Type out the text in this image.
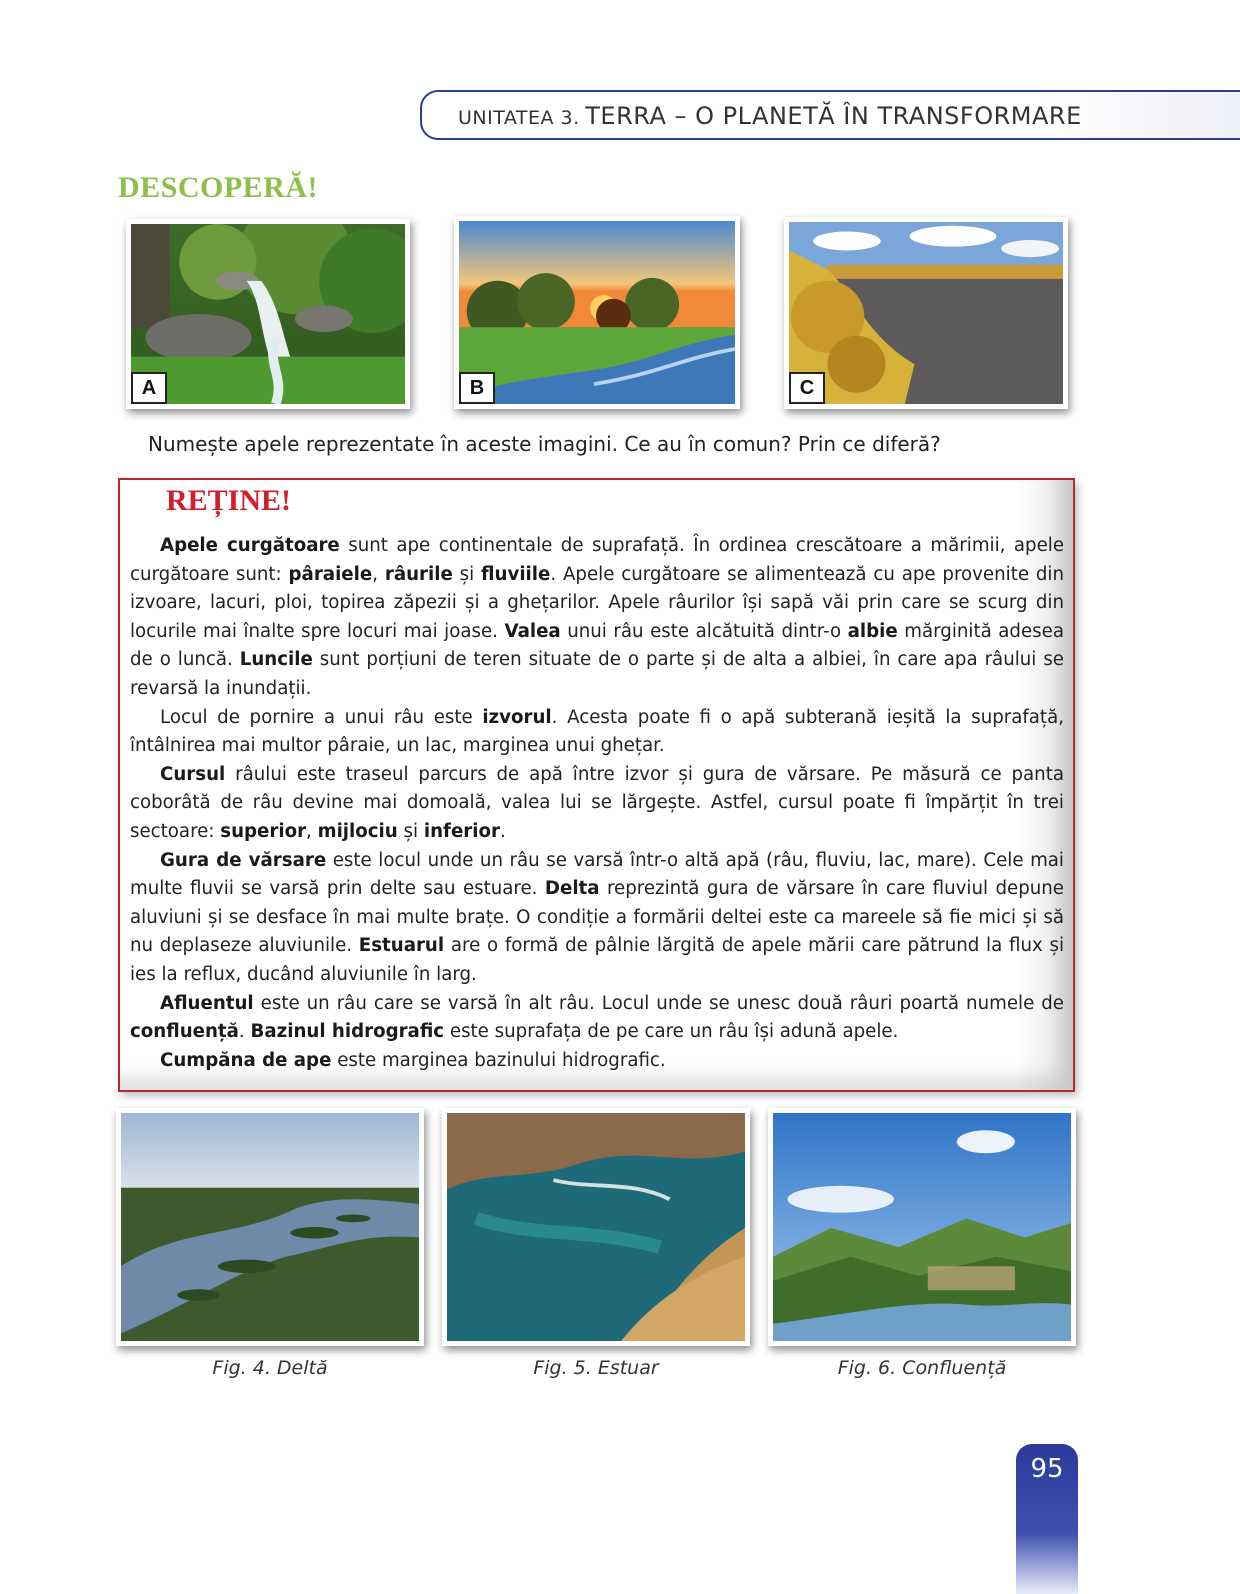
UNITATEA 3. TERRA – O PLANETĂ ÎN TRANSFORMARE
DESCOPERĂ!
A	B	C
Numește apele reprezentate în aceste imagini. Ce au în comun? Prin ce diferă?
REȚINE!

Apele curgătoare sunt ape continentale de suprafață. În ordinea crescătoare a mărimii, apele curgătoare sunt: pâraiele, râurile și fluviile. Apele curgătoare se alimentează cu ape provenite din izvoare, lacuri, ploi, topirea zăpezii și a ghețarilor. Apele râurilor își sapă văi prin care se scurg din locurile mai înalte spre locuri mai joase. Valea unui râu este alcătuită dintr-o albie mărginită adesea de o luncă. Luncile sunt porțiuni de teren situate de o parte și de alta a albiei, în care apa râului se revarsă la inundații.

Locul de pornire a unui râu este izvorul. Acesta poate fi o apă subterană ieșită la suprafață, întâlnirea mai multor pâraie, un lac, marginea unui ghețar.

Cursul râului este traseul parcurs de apă între izvor și gura de vărsare. Pe măsură ce panta coborâtă de râu devine mai domoală, valea lui se lărgește. Astfel, cursul poate fi împărțit în trei sectoare: superior, mijlociu și inferior.

Gura de vărsare este locul unde un râu se varsă într-o altă apă (râu, fluviu, lac, mare). Cele mai multe fluvii se varsă prin delte sau estuare. Delta reprezintă gura de vărsare în care fluviul depune aluviuni și se desface în mai multe brațe. O condiție a formării deltei este ca mareele să fie mici și să nu deplaseze aluviunile. Estuarul are o formă de pâlnie lărgită de apele mării care pătrund la flux și ies la reflux, ducând aluviunile în larg.

Afluentul este un râu care se varsă în alt râu. Locul unde se unesc două râuri poartă numele de confluență. Bazinul hidrografic este suprafața de pe care un râu își adună apele.

Cumpăna de ape este marginea bazinului hidrografic.

Fig. 4. Deltă	Fig. 5. Estuar	Fig. 6. Confluență
95
